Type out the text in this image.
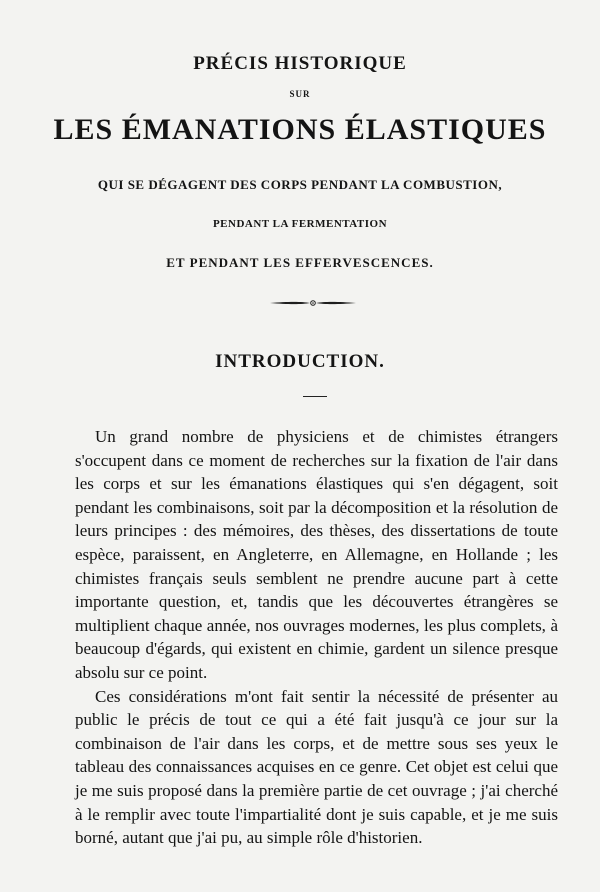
PRÉCIS HISTORIQUE
SUR
LES ÉMANATIONS ÉLASTIQUES
QUI SE DÉGAGENT DES CORPS PENDANT LA COMBUSTION,
PENDANT LA FERMENTATION
ET PENDANT LES EFFERVESCENCES.
INTRODUCTION.

Un grand nombre de physiciens et de chimistes étrangers s'occupent dans ce moment de recherches sur la fixation de l'air dans les corps et sur les émanations élastiques qui s'en dégagent, soit pendant les combinaisons, soit par la décomposition et la résolution de leurs principes : des mémoires, des thèses, des dissertations de toute espèce, paraissent, en Angleterre, en Allemagne, en Hollande ; les chimistes français seuls semblent ne prendre aucune part à cette importante question, et, tandis que les découvertes étrangères se multiplient chaque année, nos ouvrages modernes, les plus complets, à beaucoup d'égards, qui existent en chimie, gardent un silence presque absolu sur ce point.

Ces considérations m'ont fait sentir la nécessité de présenter au public le précis de tout ce qui a été fait jusqu'à ce jour sur la combinaison de l'air dans les corps, et de mettre sous ses yeux le tableau des connaissances acquises en ce genre. Cet objet est celui que je me suis proposé dans la première partie de cet ouvrage ; j'ai cherché à le remplir avec toute l'impartialité dont je suis capable, et je me suis borné, autant que j'ai pu, au simple rôle d'historien.
